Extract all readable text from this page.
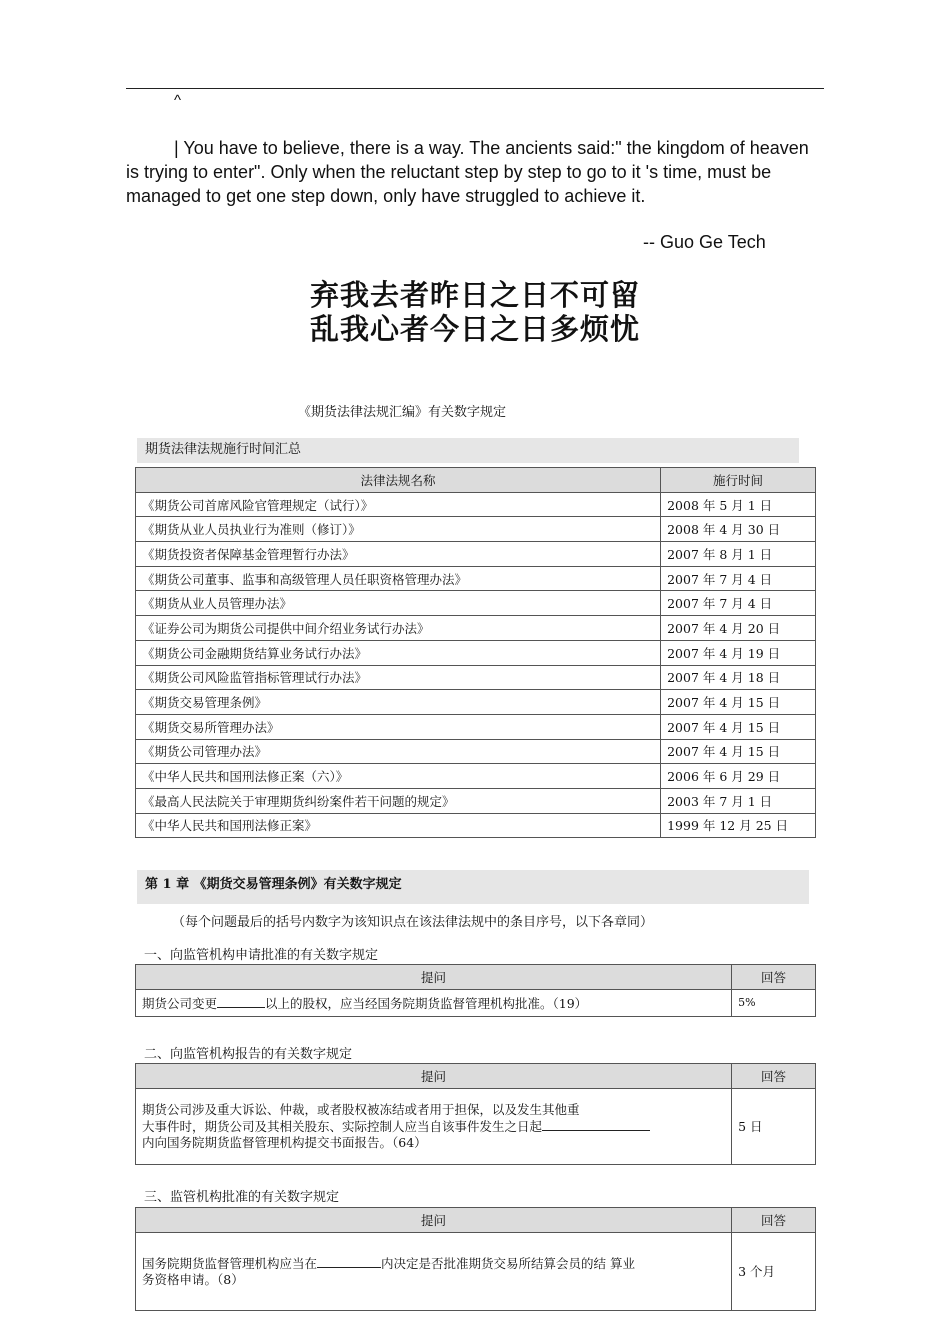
^
| You have to believe, there is a way. The ancients said:" the kingdom of heaven is trying to enter". Only when the reluctant step by step to go to it 's time, must be managed to get one step down, only have struggled to achieve it.
-- Guo Ge Tech
弃我去者昨日之日不可留
乱我心者今日之日多烦忧
《期货法律法规汇编》有关数字规定
期货法律法规施行时间汇总
法律法规名称	施行时间
《期货公司首席风险官管理规定（试行）》	2008 年 5 月 1 日
《期货从业人员执业行为准则（修订）》	2008 年 4 月 30 日
《期货投资者保障基金管理暂行办法》	2007 年 8 月 1 日
《期货公司董事、监事和高级管理人员任职资格管理办法》	2007 年 7 月 4 日
《期货从业人员管理办法》	2007 年 7 月 4 日
《证券公司为期货公司提供中间介绍业务试行办法》	2007 年 4 月 20 日
《期货公司金融期货结算业务试行办法》	2007 年 4 月 19 日
《期货公司风险监管指标管理试行办法》	2007 年 4 月 18 日
《期货交易管理条例》	2007 年 4 月 15 日
《期货交易所管理办法》	2007 年 4 月 15 日
《期货公司管理办法》	2007 年 4 月 15 日
《中华人民共和国刑法修正案（六）》	2006 年 6 月 29 日
《最高人民法院关于审理期货纠纷案件若干问题的规定》	2003 年 7 月 1 日
《中华人民共和国刑法修正案》	1999 年 12 月 25 日
第 1 章 《期货交易管理条例》有关数字规定
（每个问题最后的括号内数字为该知识点在该法律法规中的条目序号，以下各章同）
一、向监管机构申请批准的有关数字规定
提问	回答
期货公司变更 以上的股权，应当经国务院期货监督管理机构批准。（19）	5%
二、向监管机构报告的有关数字规定
提问	回答

期货公司涉及重大诉讼、仲裁，或者股权被冻结或者用于担保，以及发生其他重
大事件时，期货公司及其相关股东、实际控制人应当自该事件发生之日起
内向国务院期货监督管理机构提交书面报告。（64）	5 日
三、监管机构批准的有关数字规定
提问	回答

国务院期货监督管理机构应当在 内决定是否批准期货交易所结算会员的结 算业
务资格申请。（8）	3 个月
